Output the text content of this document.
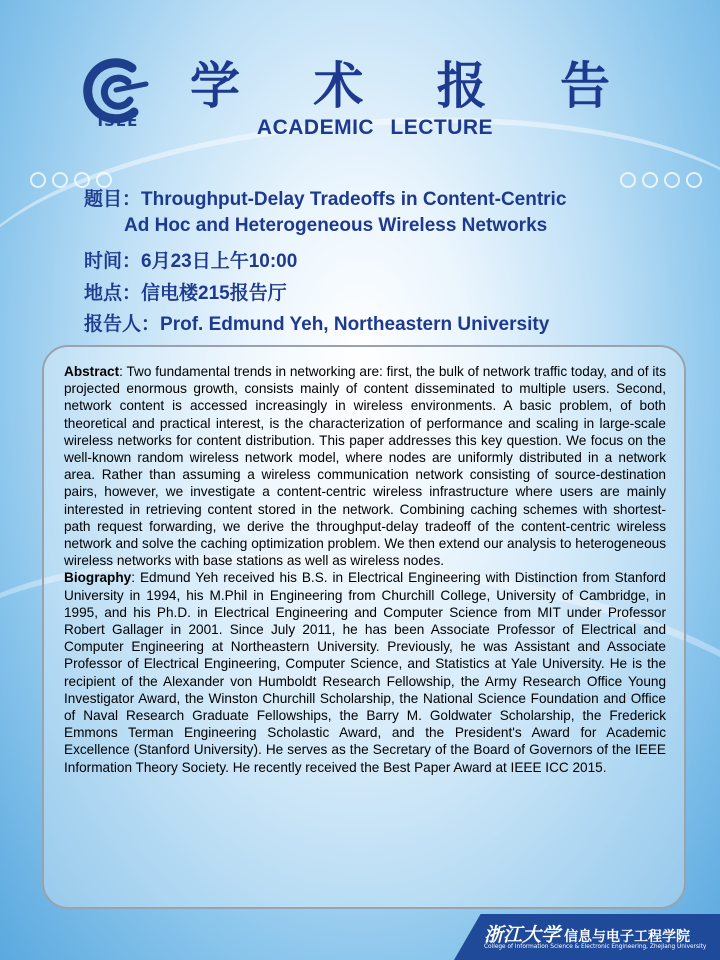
ISEE
学 术 报 告
ACADEMIC LECTURE
题目：Throughput-Delay Tradeoffs in Content-Centric
Ad Hoc and Heterogeneous Wireless Networks
时间：6月23日上午10:00
地点：信电楼215报告厅
报告人：Prof. Edmund Yeh, Northeastern University

Abstract: Two fundamental trends in networking are: first, the bulk of network traffic today, and of its projected enormous growth, consists mainly of content disseminated to multiple users. Second, network content is accessed increasingly in wireless environments. A basic problem, of both theoretical and practical interest, is the characterization of performance and scaling in large-scale wireless networks for content distribution. This paper addresses this key question. We focus on the well-known random wireless network model, where nodes are uniformly distributed in a network area. Rather than assuming a wireless communication network consisting of source-destination pairs, however, we investigate a content-centric wireless infrastructure where users are mainly interested in retrieving content stored in the network. Combining caching schemes with shortest-path request forwarding, we derive the throughput-delay tradeoff of the content-centric wireless network and solve the caching optimization problem. We then extend our analysis to heterogeneous wireless networks with base stations as well as wireless nodes.

Biography: Edmund Yeh received his B.S. in Electrical Engineering with Distinction from Stanford University in 1994, his M.Phil in Engineering from Churchill College, University of Cambridge, in 1995, and his Ph.D. in Electrical Engineering and Computer Science from MIT under Professor Robert Gallager in 2001. Since July 2011, he has been Associate Professor of Electrical and Computer Engineering at Northeastern University. Previously, he was Assistant and Associate Professor of Electrical Engineering, Computer Science, and Statistics at Yale University. He is the recipient of the Alexander von Humboldt Research Fellowship, the Army Research Office Young Investigator Award, the Winston Churchill Scholarship, the National Science Foundation and Office of Naval Research Graduate Fellowships, the Barry M. Goldwater Scholarship, the Frederick Emmons Terman Engineering Scholastic Award, and the President's Award for Academic Excellence (Stanford University). He serves as the Secretary of the Board of Governors of the IEEE Information Theory Society. He recently received the Best Paper Award at IEEE ICC 2015.

浙江大学 信息与电子工程学院
College of Information Science & Electronic Engineering, Zhejiang University
